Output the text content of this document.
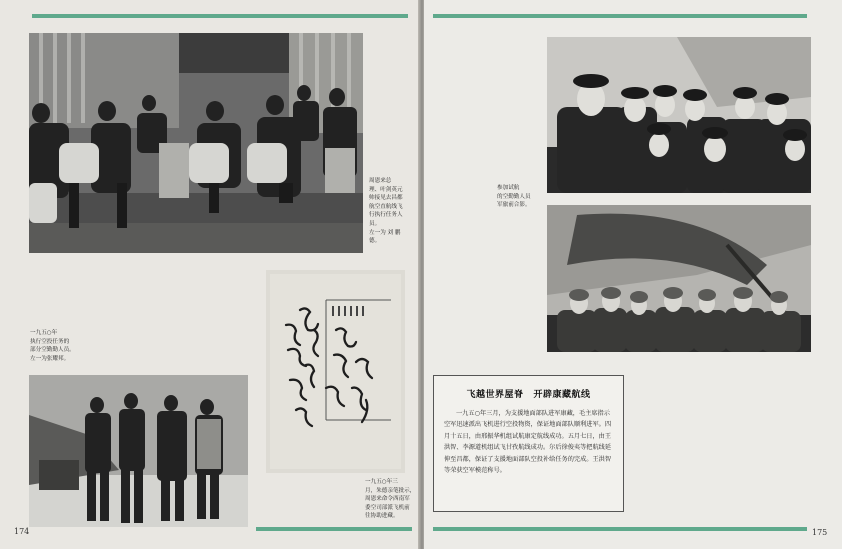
周恩来总
理、叶剑英元
帅接见去昌都
航空直航线飞
行执行任务人员。
左一为 刘 鹏
德。

一九五○年
执行空投任务的
部分空勤勤人员。
左一为张耀邦。

一九五○年三
月，朱德亲笔批示，
周恩来命令西南军
委空司部派飞机前
往协助进藏。

174

参加试航
的空勤勤人员
军旅前合影。

175
飞越世界屋脊 开辟康藏航线

一九五○年三月，为支援地面部队进军康藏，毛主席指示空军迅速派出飞机进行空投物资，保证地面部队顺利进军。四月十五日，由邢振华机组试航康定航线成功。五月七日，由王洪智、李源道机组试飞甘孜航线成功。尔后徐俊夷等把航线延伸至昌都，保证了支援地面部队空投补给任务的完成。王洪智等荣获空军模范称号。
